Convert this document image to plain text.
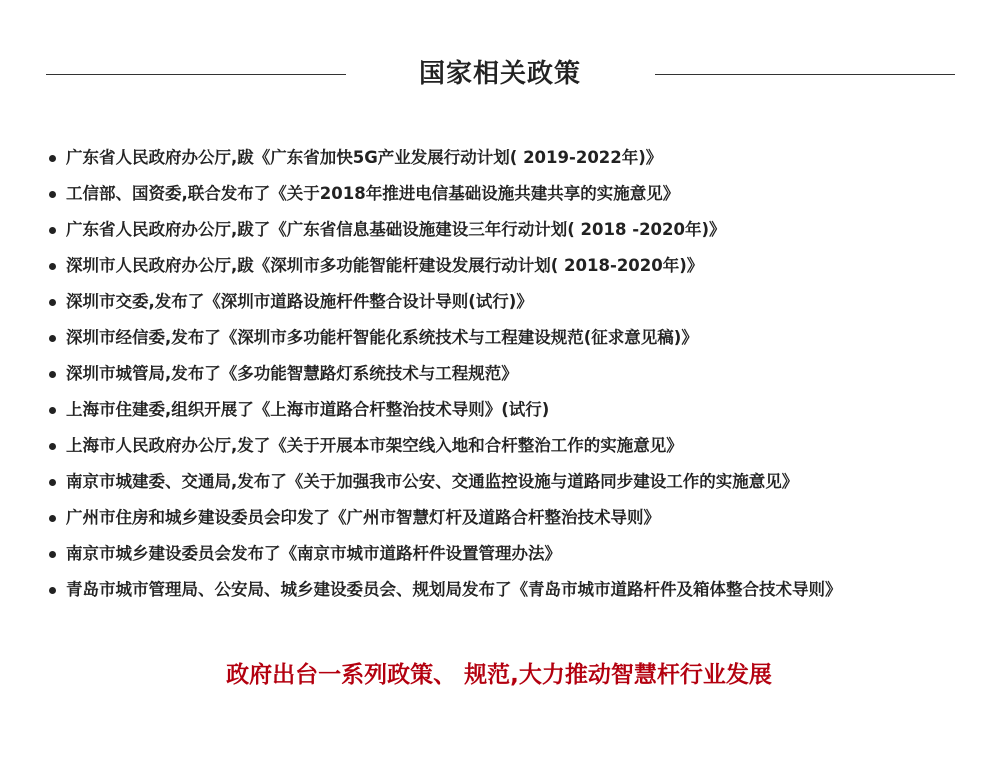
国家相关政策
广东省人民政府办公厅,跋《广东省加快5G产业发展行动计划( 2019-2022年)》
工信部、国资委,联合发布了《关于2018年推进电信基础设施共建共享的实施意见》
广东省人民政府办公厅,跋了《广东省信息基础设施建设三年行动计划( 2018 -2020年)》
深圳市人民政府办公厅,跋《深圳市多功能智能杆建设发展行动计划( 2018-2020年)》
深圳市交委,发布了《深圳市道路设施杆件整合设计导则(试行)》
深圳市经信委,发布了《深圳市多功能杆智能化系统技术与工程建设规范(征求意见稿)》
深圳市城管局,发布了《多功能智慧路灯系统技术与工程规范》
上海市住建委,组织开展了《上海市道路合杆整治技术导则》(试行)
上海市人民政府办公厅,发了《关于开展本市架空线入地和合杆整治工作的实施意见》
南京市城建委、交通局,发布了《关于加强我市公安、交通监控设施与道路同步建设工作的实施意见》
广州市住房和城乡建设委员会印发了《广州市智慧灯杆及道路合杆整治技术导则》
南京市城乡建设委员会发布了《南京市城市道路杆件设置管理办法》
青岛市城市管理局、公安局、城乡建设委员会、规划局发布了《青岛市城市道路杆件及箱体整合技术导则》
政府出台一系列政策、 规范,大力推动智慧杆行业发展
